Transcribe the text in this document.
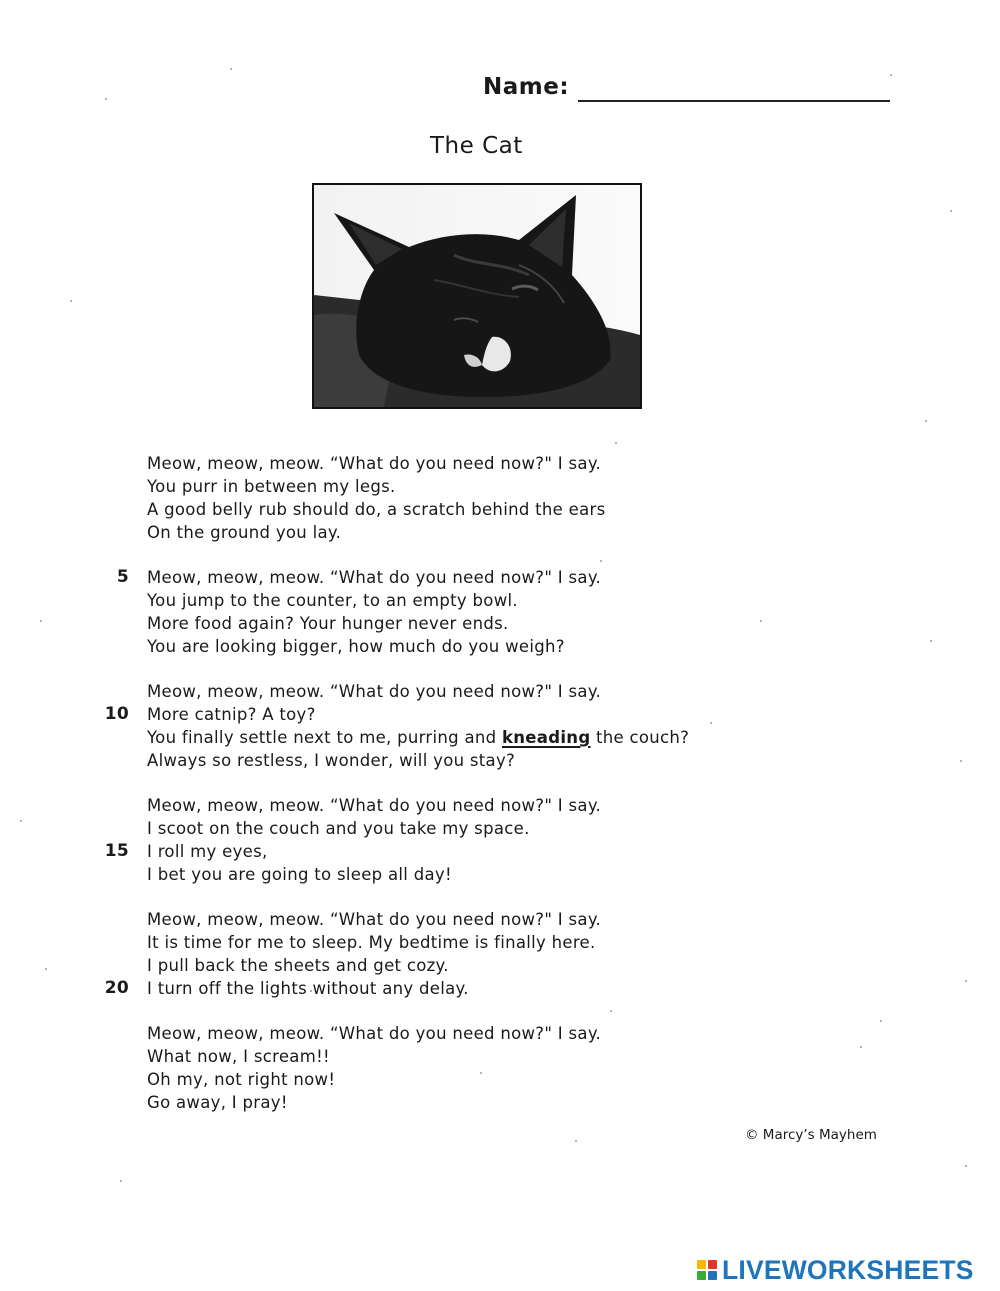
Name:
The Cat
Meow, meow, meow. “What do you need now?" I say.
You purr in between my legs.
A good belly rub should do, a scratch behind the ears
On the ground you lay.
5 Meow, meow, meow. “What do you need now?" I say.
You jump to the counter, to an empty bowl.
More food again? Your hunger never ends.
You are looking bigger, how much do you weigh?
Meow, meow, meow. “What do you need now?" I say.
10 More catnip? A toy?
You finally settle next to me, purring and kneading the couch?
Always so restless, I wonder, will you stay?
Meow, meow, meow. “What do you need now?" I say.
I scoot on the couch and you take my space.
15 I roll my eyes,
I bet you are going to sleep all day!
Meow, meow, meow. “What do you need now?" I say.
It is time for me to sleep. My bedtime is finally here.
I pull back the sheets and get cozy.
20 I turn off the lights without any delay.
Meow, meow, meow. “What do you need now?" I say.
What now, I scream!!
Oh my, not right now!
Go away, I pray!
© Marcy’s Mayhem
LIVEWORKSHEETS
